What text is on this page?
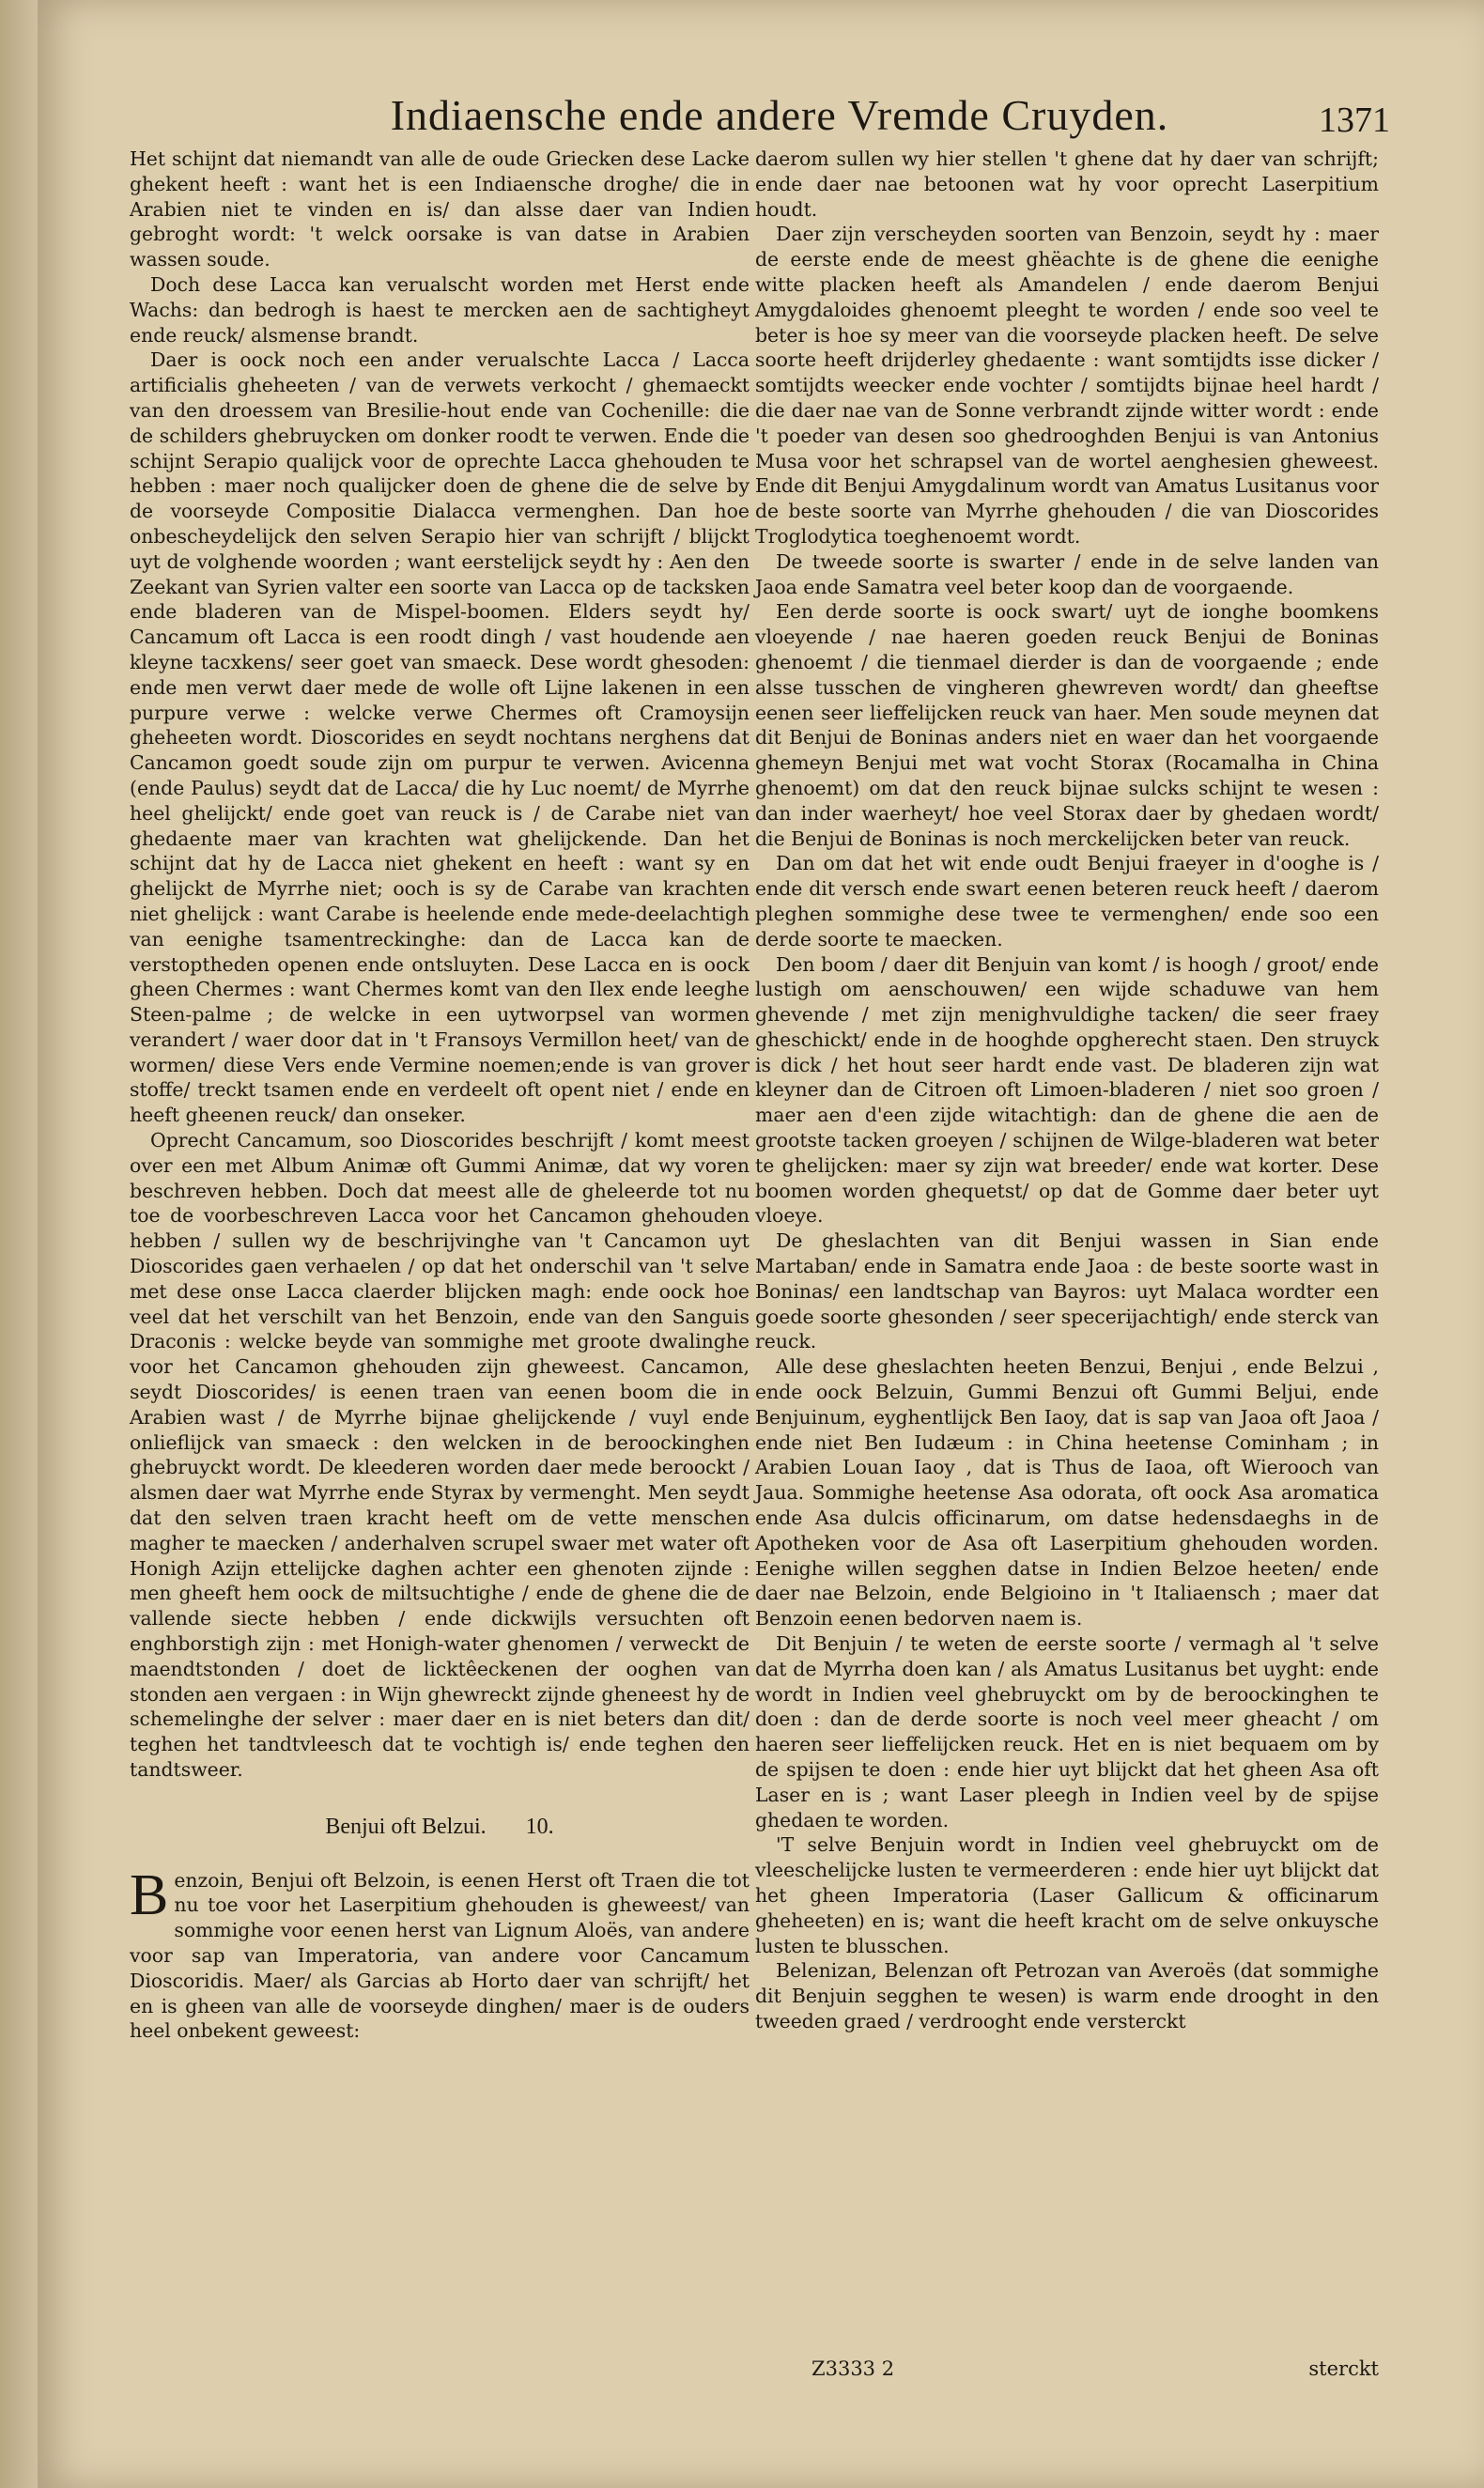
Indiaensche ende andere Vremde Cruyden.	1371

Het schijnt dat niemandt van alle de oude Griecken dese Lacke ghekent heeft : want het is een Indiaensche droghe/ die in Arabien niet te vinden en is/ dan alsse daer van Indien gebroght wordt: 't welck oorsake is van datse in Arabien wassen soude.

Doch dese Lacca kan verualscht worden met Herst ende Wachs: dan bedrogh is haest te mercken aen de sachtigheyt ende reuck/ alsmense brandt.

Daer is oock noch een ander verualschte Lacca / Lacca artificialis gheheeten / van de verwets verkocht / ghemaeckt van den droessem van Bresilie-hout ende van Cochenille: die de schilders ghebruycken om donker roodt te verwen. Ende die schijnt Serapio qualijck voor de oprechte Lacca ghehouden te hebben : maer noch qualijcker doen de ghene die de selve by de voorseyde Compositie Dialacca vermenghen. Dan hoe onbescheydelijck den selven Serapio hier van schrijft / blijckt uyt de volghende woorden ; want eerstelijck seydt hy : Aen den Zeekant van Syrien valter een soorte van Lacca op de tacksken ende bladeren van de Mispel-boomen. Elders seydt hy/ Cancamum oft Lacca is een roodt dingh / vast houdende aen kleyne tacxkens/ seer goet van smaeck. Dese wordt ghesoden: ende men verwt daer mede de wolle oft Lijne lakenen in een purpure verwe : welcke verwe Chermes oft Cramoysijn gheheeten wordt. Dioscorides en seydt nochtans nerghens dat Cancamon goedt soude zijn om purpur te verwen. Avicenna (ende Paulus) seydt dat de Lacca/ die hy Luc noemt/ de Myrrhe heel ghelijckt/ ende goet van reuck is / de Carabe niet van ghedaente maer van krachten wat ghelijckende. Dan het schijnt dat hy de Lacca niet ghekent en heeft : want sy en ghelijckt de Myrrhe niet; ooch is sy de Carabe van krachten niet ghelijck : want Carabe is heelende ende mede-deelachtigh van eenighe tsamentreckinghe: dan de Lacca kan de verstoptheden openen ende ontsluyten. Dese Lacca en is oock gheen Chermes : want Chermes komt van den Ilex ende leeghe Steen-palme ; de welcke in een uytworpsel van wormen verandert / waer door dat in 't Fransoys Vermillon heet/ van de wormen/ diese Vers ende Vermine noemen;ende is van grover stoffe/ treckt tsamen ende en verdeelt oft opent niet / ende en heeft gheenen reuck/ dan onseker.

Oprecht Cancamum, soo Dioscorides beschrijft / komt meest over een met Album Animæ oft Gummi Animæ, dat wy voren beschreven hebben. Doch dat meest alle de gheleerde tot nu toe de voorbeschreven Lacca voor het Cancamon ghehouden hebben / sullen wy de beschrijvinghe van 't Cancamon uyt Dioscorides gaen verhaelen / op dat het onderschil van 't selve met dese onse Lacca claerder blijcken magh: ende oock hoe veel dat het verschilt van het Benzoin, ende van den Sanguis Draconis : welcke beyde van sommighe met groote dwalinghe voor het Cancamon ghehouden zijn gheweest. Cancamon, seydt Dioscorides/ is eenen traen van eenen boom die in Arabien wast / de Myrrhe bijnae ghelijckende / vuyl ende onlieflijck van smaeck : den welcken in de beroockinghen ghebruyckt wordt. De kleederen worden daer mede beroockt / alsmen daer wat Myrrhe ende Styrax by vermenght. Men seydt dat den selven traen kracht heeft om de vette menschen magher te maecken / anderhalven scrupel swaer met water oft Honigh Azijn ettelijcke daghen achter een ghenoten zijnde : men gheeft hem oock de miltsuchtighe / ende de ghene die de vallende siecte hebben / ende dickwijls versuchten oft enghborstigh zijn : met Honigh-water ghenomen / verweckt de maendtstonden / doet de licktêeckenen der ooghen van stonden aen vergaen : in Wijn ghewreckt zijnde gheneest hy de schemelinghe der selver : maer daer en is niet beters dan dit/ teghen het tandtvleesch dat te vochtigh is/ ende teghen den tandtsweer.

Benjui oft Belzui. 10.

B enzoin, Benjui oft Belzoin, is eenen Herst oft Traen die tot nu toe voor het Laserpitium ghehouden is gheweest/ van sommighe voor eenen herst van Lignum Aloës, van andere voor sap van Imperatoria, van andere voor Cancamum Dioscoridis. Maer/ als Garcias ab Horto daer van schrijft/ het en is gheen van alle de voorseyde dinghen/ maer is de ouders heel onbekent geweest:

daerom sullen wy hier stellen 't ghene dat hy daer van schrijft; ende daer nae betoonen wat hy voor oprecht Laserpitium houdt.

Daer zijn verscheyden soorten van Benzoin, seydt hy : maer de eerste ende de meest ghëachte is de ghene die eenighe witte placken heeft als Amandelen / ende daerom Benjui Amygdaloides ghenoemt pleeght te worden / ende soo veel te beter is hoe sy meer van die voorseyde placken heeft. De selve soorte heeft drijderley ghedaente : want somtijdts isse dicker / somtijdts weecker ende vochter / somtijdts bijnae heel hardt / die daer nae van de Sonne verbrandt zijnde witter wordt : ende 't poeder van desen soo ghedrooghden Benjui is van Antonius Musa voor het schrapsel van de wortel aenghesien gheweest. Ende dit Benjui Amygdalinum wordt van Amatus Lusitanus voor de beste soorte van Myrrhe ghehouden / die van Dioscorides Troglodytica toeghenoemt wordt.

De tweede soorte is swarter / ende in de selve landen van Jaoa ende Samatra veel beter koop dan de voorgaende.

Een derde soorte is oock swart/ uyt de ionghe boomkens vloeyende / nae haeren goeden reuck Benjui de Boninas ghenoemt / die tienmael dierder is dan de voorgaende ; ende alsse tusschen de vingheren ghewreven wordt/ dan gheeftse eenen seer lieffelijcken reuck van haer. Men soude meynen dat dit Benjui de Boninas anders niet en waer dan het voorgaende ghemeyn Benjui met wat vocht Storax (Rocamalha in China ghenoemt) om dat den reuck bijnae sulcks schijnt te wesen : dan inder waerheyt/ hoe veel Storax daer by ghedaen wordt/ die Benjui de Boninas is noch merckelijcken beter van reuck.

Dan om dat het wit ende oudt Benjui fraeyer in d'ooghe is / ende dit versch ende swart eenen beteren reuck heeft / daerom pleghen sommighe dese twee te vermenghen/ ende soo een derde soorte te maecken.

Den boom / daer dit Benjuin van komt / is hoogh / groot/ ende lustigh om aenschouwen/ een wijde schaduwe van hem ghevende / met zijn menighvuldighe tacken/ die seer fraey gheschickt/ ende in de hooghde opgherecht staen. Den struyck is dick / het hout seer hardt ende vast. De bladeren zijn wat kleyner dan de Citroen oft Limoen-bladeren / niet soo groen / maer aen d'een zijde witachtigh: dan de ghene die aen de grootste tacken groeyen / schijnen de Wilge-bladeren wat beter te ghelijcken: maer sy zijn wat breeder/ ende wat korter. Dese boomen worden ghequetst/ op dat de Gomme daer beter uyt vloeye.

De gheslachten van dit Benjui wassen in Sian ende Martaban/ ende in Samatra ende Jaoa : de beste soorte wast in Boninas/ een landtschap van Bayros: uyt Malaca wordter een goede soorte ghesonden / seer specerijachtigh/ ende sterck van reuck.

Alle dese gheslachten heeten Benzui, Benjui , ende Belzui , ende oock Belzuin, Gummi Benzui oft Gummi Beljui, ende Benjuinum, eyghentlijck Ben Iaoy, dat is sap van Jaoa oft Jaoa / ende niet Ben Iudæum : in China heetense Cominham ; in Arabien Louan Iaoy , dat is Thus de Iaoa, oft Wierooch van Jaua. Sommighe heetense Asa odorata, oft oock Asa aromatica ende Asa dulcis officinarum, om datse hedensdaeghs in de Apotheken voor de Asa oft Laserpitium ghehouden worden. Eenighe willen segghen datse in Indien Belzoe heeten/ ende daer nae Belzoin, ende Belgioino in 't Italiaensch ; maer dat Benzoin eenen bedorven naem is.

Dit Benjuin / te weten de eerste soorte / vermagh al 't selve dat de Myrrha doen kan / als Amatus Lusitanus bet uyght: ende wordt in Indien veel ghebruyckt om by de beroockinghen te doen : dan de derde soorte is noch veel meer gheacht / om haeren seer lieffelijcken reuck. Het en is niet bequaem om by de spijsen te doen : ende hier uyt blijckt dat het gheen Asa oft Laser en is ; want Laser pleegh in Indien veel by de spijse ghedaen te worden.

'T selve Benjuin wordt in Indien veel ghebruyckt om de vleeschelijcke lusten te vermeerderen : ende hier uyt blijckt dat het gheen Imperatoria (Laser Gallicum & officinarum gheheeten) en is; want die heeft kracht om de selve onkuysche lusten te blusschen.

Belenizan, Belenzan oft Petrozan van Averoës (dat sommighe dit Benjuin segghen te wesen) is warm ende drooght in den tweeden graed / verdrooght ende versterckt

Z3333 2	sterckt
